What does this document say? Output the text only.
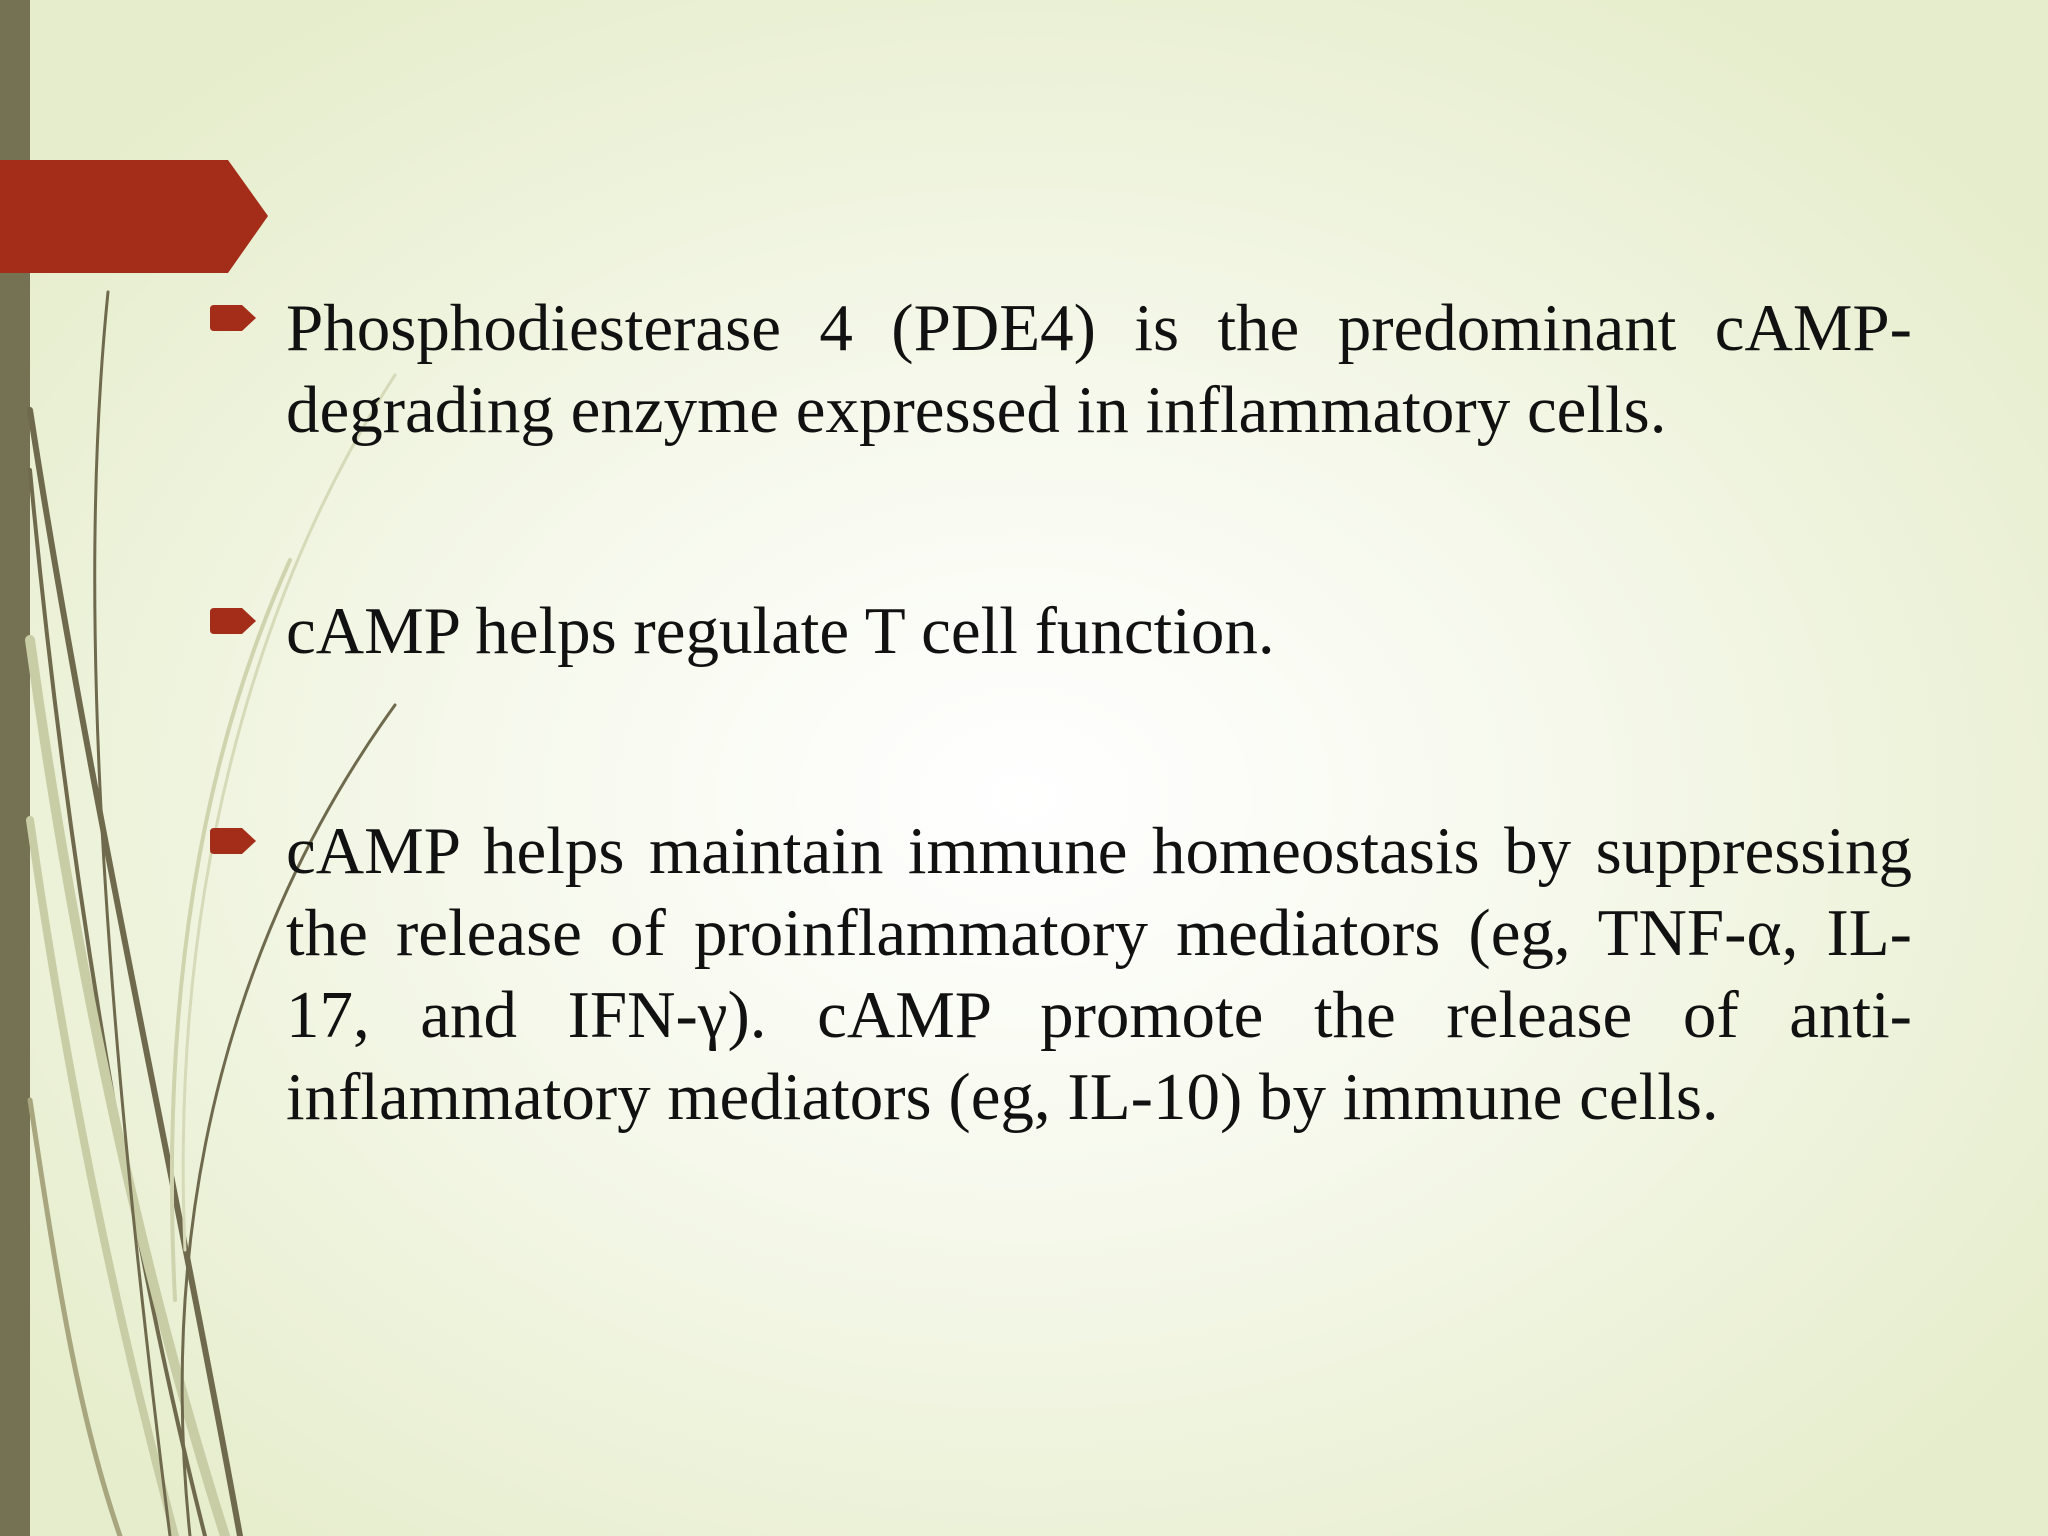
Phosphodiesterase 4 (PDE4) is the predominant cAMP-degrading enzyme expressed in inflammatory cells.

cAMP helps regulate T cell function.

cAMP helps maintain immune homeostasis by suppressing the release of proinflammatory mediators (eg, TNF-α, IL-17, and IFN-γ). cAMP promote the release of anti-inflammatory mediators (eg, IL-10) by immune cells.
